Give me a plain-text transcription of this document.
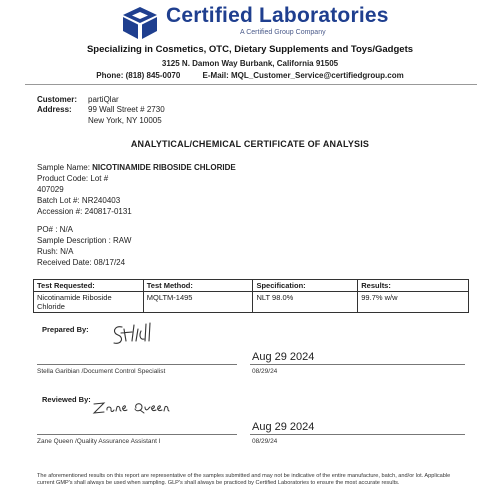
Certified Laboratories
A Certified Group Company
Specializing in Cosmetics, OTC, Dietary Supplements and Toys/Gadgets
3125 N. Damon Way Burbank, California 91505
Phone: (818) 845-0070	E-Mail: MQL_Customer_Service@certifiedgroup.com
Customer: partiQlar
Address: 99 Wall Street # 2730
New York, NY 10005
ANALYTICAL/CHEMICAL CERTIFICATE OF ANALYSIS
Sample Name: NICOTINAMIDE RIBOSIDE CHLORIDE
Product Code: Lot #
407029
Batch Lot #: NR240403
Accession #: 240817-0131
PO# : N/A
Sample Description : RAW
Rush: N/A
Received Date: 08/17/24
Test Requested:	Test Method:	Specification:	Results:
Nicotinamide Riboside Chloride	MQLTM-1495	NLT 98.0%	99.7% w/w
Prepared By:
Aug 29 2024
Stella Garibian /Document Control Specialist	08/29/24
Reviewed By:
Aug 29 2024
Zane Queen /Quality Assurance Assistant I	08/29/24
The aforementioned results on this report are representative of the samples submitted and may not be indicative of the entire manufacture, batch, and/or lot. Applicable current GMP's shall always be used when sampling. GLP's shall always be practiced by Certified Laboratories to ensure the most accurate results.
